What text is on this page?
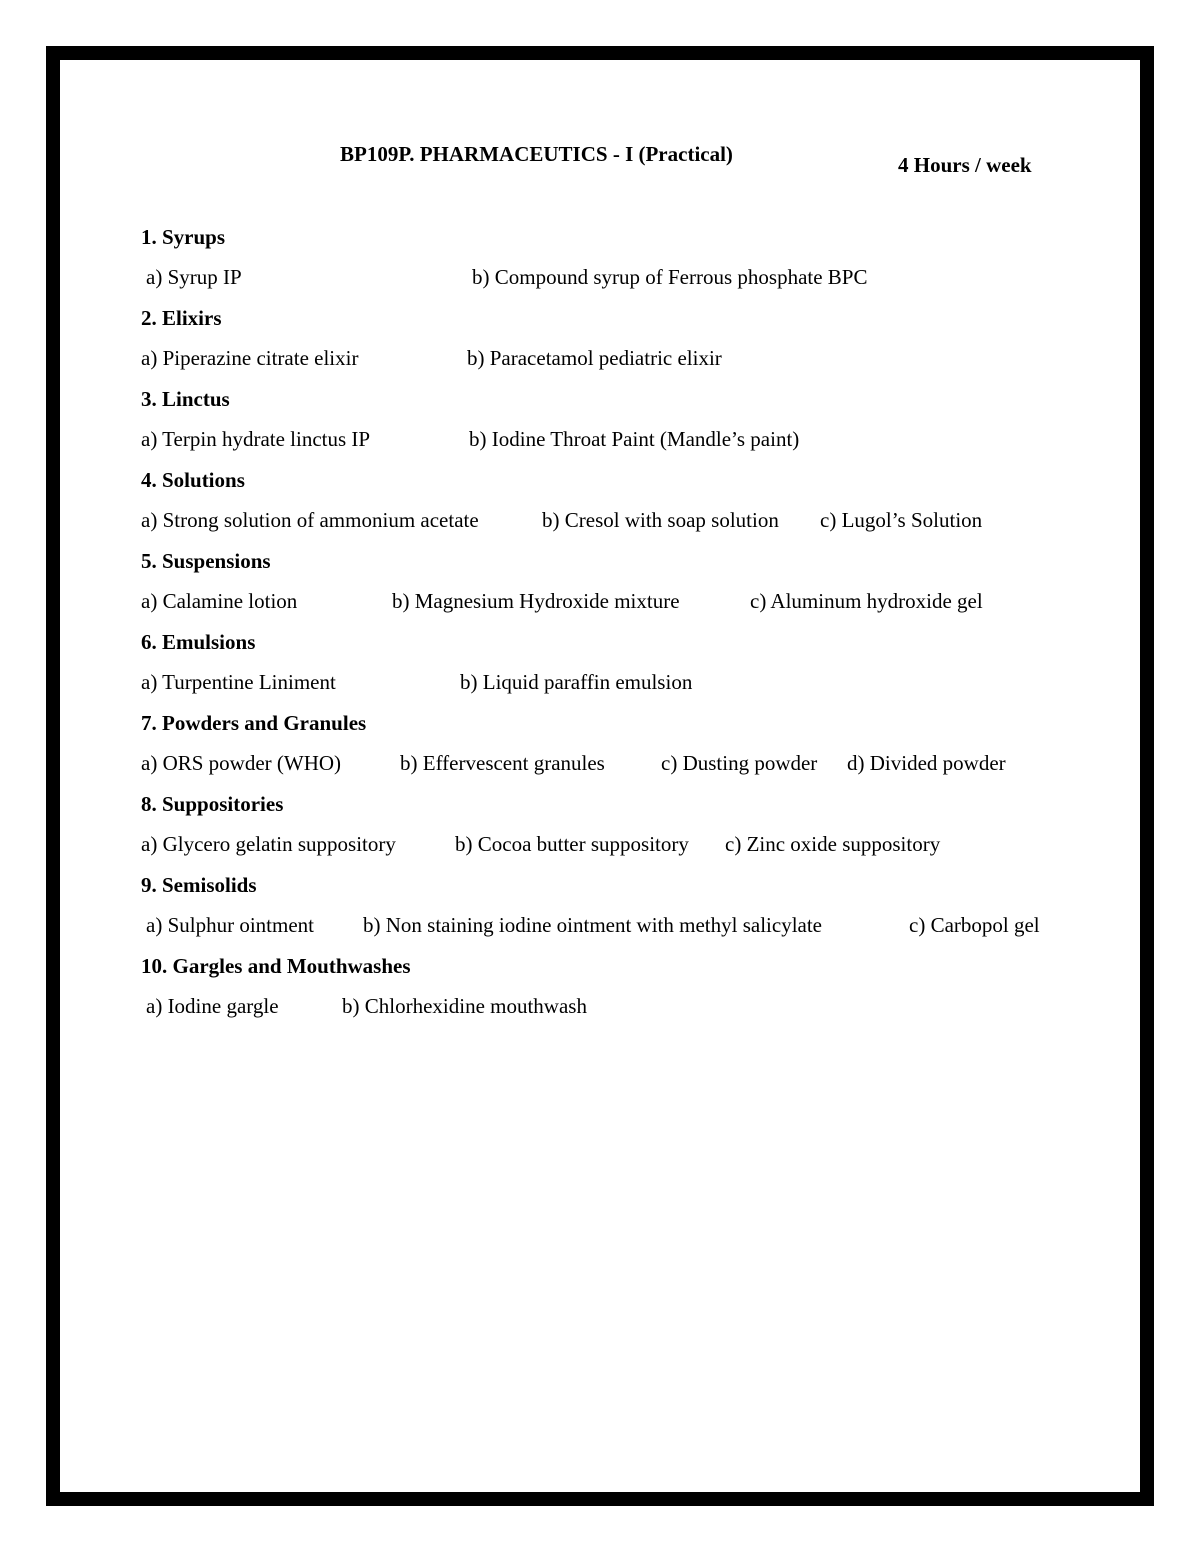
BP109P. PHARMACEUTICS - I (Practical)	4 Hours / week
1. Syrups
a) Syrup IP	b) Compound syrup of Ferrous phosphate BPC
2. Elixirs
a) Piperazine citrate elixir	b) Paracetamol pediatric elixir
3. Linctus
a) Terpin hydrate linctus IP	b) Iodine Throat Paint (Mandle’s paint)
4. Solutions
a) Strong solution of ammonium acetate	b) Cresol with soap solution c) Lugol’s Solution
5. Suspensions
a) Calamine lotion	b) Magnesium Hydroxide mixture	c) Aluminum hydroxide gel
6. Emulsions
a) Turpentine Liniment	b) Liquid paraffin emulsion
7. Powders and Granules
a) ORS powder (WHO)	b) Effervescent granules	c) Dusting powder d) Divided powder
8. Suppositories
a) Glycero gelatin suppository	b) Cocoa butter suppository c) Zinc oxide suppository
9. Semisolids
a) Sulphur ointment b) Non staining iodine ointment with methyl salicylate	c) Carbopol gel
10. Gargles and Mouthwashes
a) Iodine gargle	b) Chlorhexidine mouthwash
